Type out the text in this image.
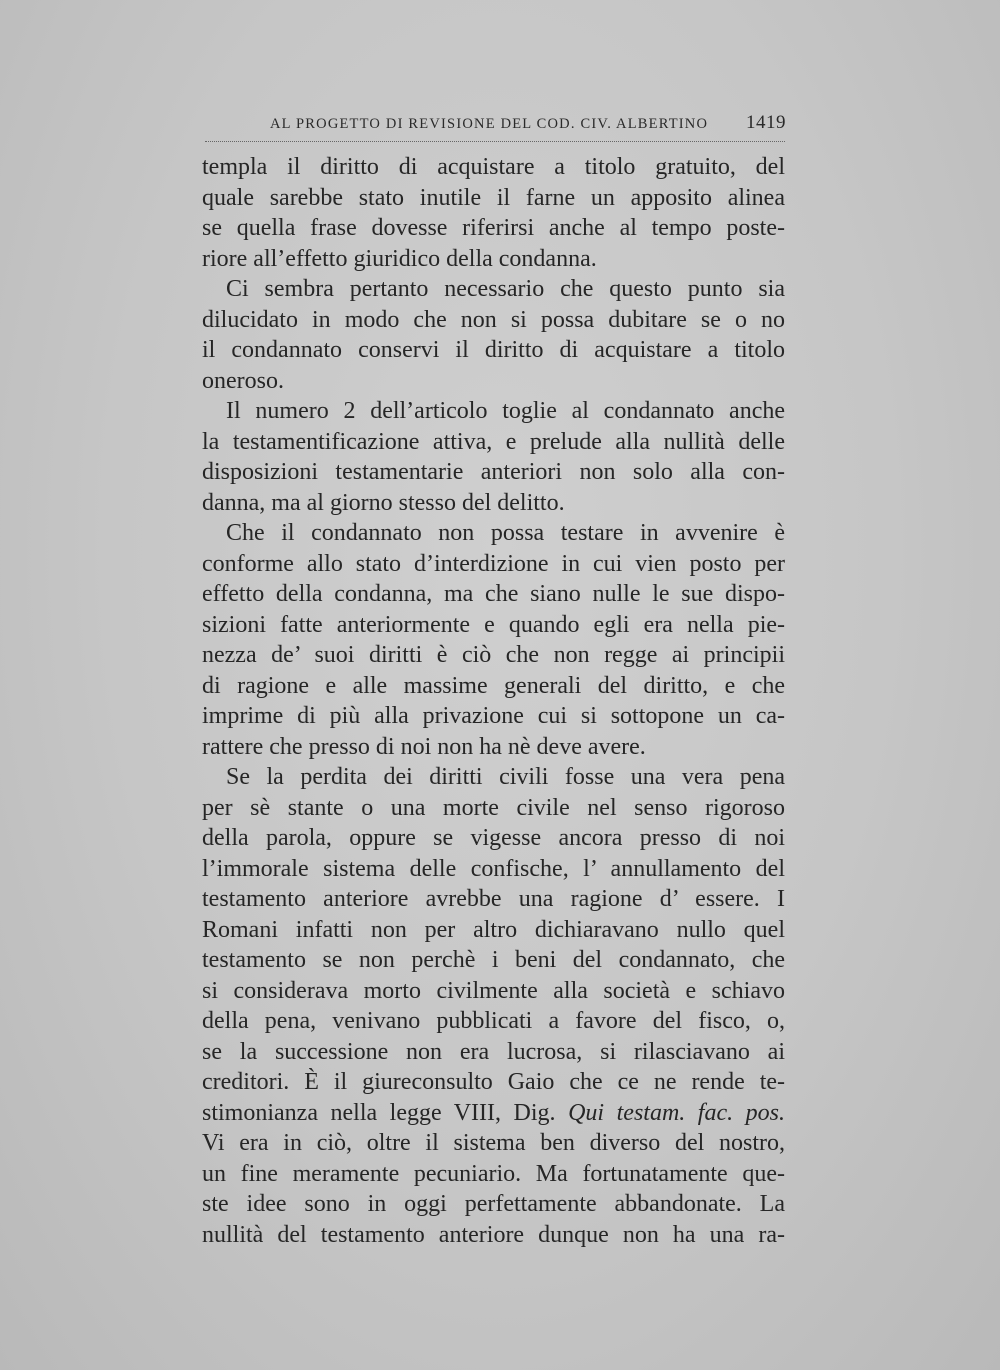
AL PROGETTO DI REVISIONE DEL COD. CIV. ALBERTINO 1419
templa il diritto di acquistare a titolo gratuito, del
quale sarebbe stato inutile il farne un apposito alinea
se quella frase dovesse riferirsi anche al tempo poste-
riore all’effetto giuridico della condanna.
Ci sembra pertanto necessario che questo punto sia
dilucidato in modo che non si possa dubitare se o no
il condannato conservi il diritto di acquistare a titolo
oneroso.
Il numero 2 dell’articolo toglie al condannato anche
la testamentificazione attiva, e prelude alla nullità delle
disposizioni testamentarie anteriori non solo alla con-
danna, ma al giorno stesso del delitto.
Che il condannato non possa testare in avvenire è
conforme allo stato d’interdizione in cui vien posto per
effetto della condanna, ma che siano nulle le sue dispo-
sizioni fatte anteriormente e quando egli era nella pie-
nezza de’ suoi diritti è ciò che non regge ai principii
di ragione e alle massime generali del diritto, e che
imprime di più alla privazione cui si sottopone un ca-
rattere che presso di noi non ha nè deve avere.
Se la perdita dei diritti civili fosse una vera pena
per sè stante o una morte civile nel senso rigoroso
della parola, oppure se vigesse ancora presso di noi
l’immorale sistema delle confische, l’ annullamento del
testamento anteriore avrebbe una ragione d’ essere. I
Romani infatti non per altro dichiaravano nullo quel
testamento se non perchè i beni del condannato, che
si considerava morto civilmente alla società e schiavo
della pena, venivano pubblicati a favore del fisco, o,
se la successione non era lucrosa, si rilasciavano ai
creditori. È il giureconsulto Gaio che ce ne rende te-
stimonianza nella legge VIII, Dig. Qui testam. fac. pos.
Vi era in ciò, oltre il sistema ben diverso del nostro,
un fine meramente pecuniario. Ma fortunatamente que-
ste idee sono in oggi perfettamente abbandonate. La
nullità del testamento anteriore dunque non ha una ra-
